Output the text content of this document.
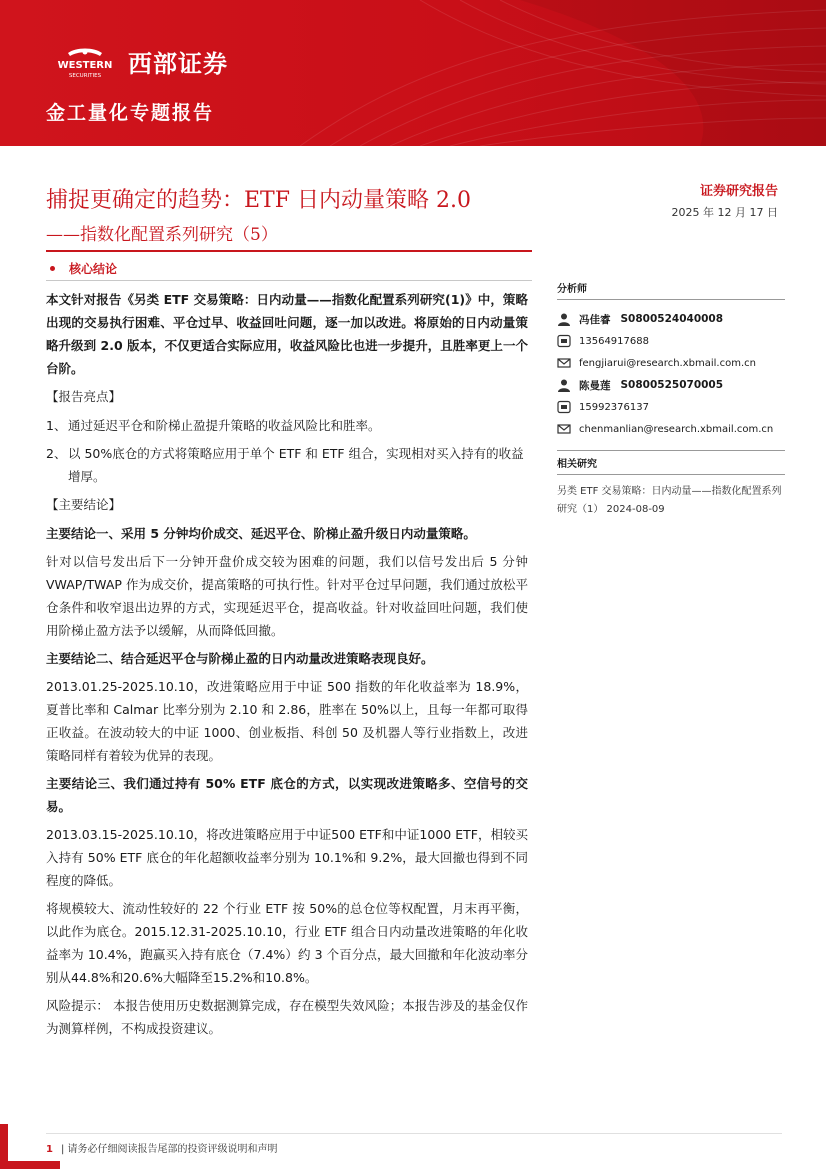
WESTERN
SECURITIES 西部证券
金工量化专题报告
捕捉更确定的趋势：ETF 日内动量策略 2.0
——指数化配置系列研究（5）
证券研究报告
2025 年 12 月 17 日
核心结论

本文针对报告《另类 ETF 交易策略：日内动量——指数化配置系列研究(1)》中，策略出现的交易执行困难、平仓过早、收益回吐问题，逐一加以改进。将原始的日内动量策略升级到 2.0 版本，不仅更适合实际应用，收益风险比也进一步提升，且胜率更上一个台阶。

【报告亮点】

1、 通过延迟平仓和阶梯止盈提升策略的收益风险比和胜率。
2、 以 50%底仓的方式将策略应用于单个 ETF 和 ETF 组合，实现相对买入持有的收益增厚。

【主要结论】

主要结论一、采用 5 分钟均价成交、延迟平仓、阶梯止盈升级日内动量策略。

针对以信号发出后下一分钟开盘价成交较为困难的问题，我们以信号发出后 5 分钟 VWAP/TWAP 作为成交价，提高策略的可执行性。针对平仓过早问题，我们通过放松平仓条件和收窄退出边界的方式，实现延迟平仓，提高收益。针对收益回吐问题，我们使用阶梯止盈方法予以缓解，从而降低回撤。

主要结论二、结合延迟平仓与阶梯止盈的日内动量改进策略表现良好。

2013.01.25-2025.10.10，改进策略应用于中证 500 指数的年化收益率为 18.9%，夏普比率和 Calmar 比率分别为 2.10 和 2.86，胜率在 50%以上，且每一年都可取得正收益。在波动较大的中证 1000、创业板指、科创 50 及机器人等行业指数上，改进策略同样有着较为优异的表现。

主要结论三、我们通过持有 50% ETF 底仓的方式，以实现改进策略多、空信号的交易。

2013.03.15-2025.10.10，将改进策略应用于中证500 ETF和中证1000 ETF，相较买入持有 50% ETF 底仓的年化超额收益率分别为 10.1%和 9.2%，最大回撤也得到不同程度的降低。

将规模较大、流动性较好的 22 个行业 ETF 按 50%的总仓位等权配置，月末再平衡，以此作为底仓。2015.12.31-2025.10.10，行业 ETF 组合日内动量改进策略的年化收益率为 10.4%，跑赢买入持有底仓（7.4%）约 3 个百分点，最大回撤和年化波动率分别从44.8%和20.6%大幅降至15.2%和10.8%。

风险提示： 本报告使用历史数据测算完成，存在模型失效风险；本报告涉及的基金仅作为测算样例，不构成投资建议。

分析师
冯佳睿 S0800524040008
13564917688
fengjiarui@research.xbmail.com.cn
陈曼莲 S0800525070005
15992376137
chenmanlian@research.xbmail.com.cn
相关研究
另类 ETF 交易策略：日内动量——指数化配置系列研究（1） 2024-08-09
1 | 请务必仔细阅读报告尾部的投资评级说明和声明
